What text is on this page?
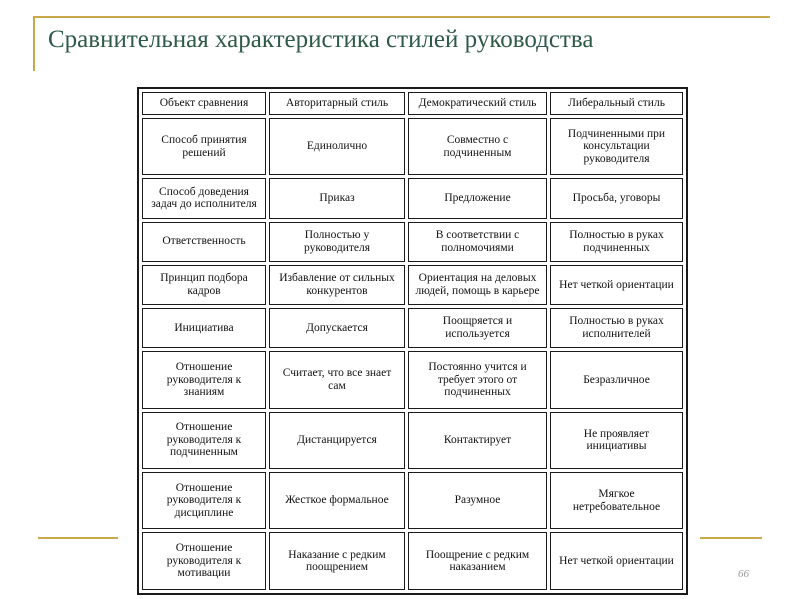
Сравнительная характеристика стилей руководства
66
Объект сравнения	Авторитарный стиль	Демократический стиль	Либеральный стиль
Способ принятия решений	Единолично	Совместно с подчиненным	Подчиненными при консультации руководителя
Способ доведения задач до исполнителя	Приказ	Предложение	Просьба, уговоры
Ответственность	Полностью у руководителя	В соответствии с полномочиями	Полностью в руках подчиненных
Принцип подбора кадров	Избавление от сильных конкурентов	Ориентация на деловых людей, помощь в карьере	Нет четкой ориентации
Инициатива	Допускается	Поощряется и используется	Полностью в руках исполнителей
Отношение руководителя к знаниям	Считает, что все знает сам	Постоянно учится и требует этого от подчиненных	Безразличное
Отношение руководителя к подчиненным	Дистанцируется	Контактирует	Не проявляет инициативы
Отношение руководителя к дисциплине	Жесткое формальное	Разумное	Мягкое нетребовательное
Отношение руководителя к мотивации	Наказание с редким поощрением	Поощрение с редким наказанием	Нет четкой ориентации
